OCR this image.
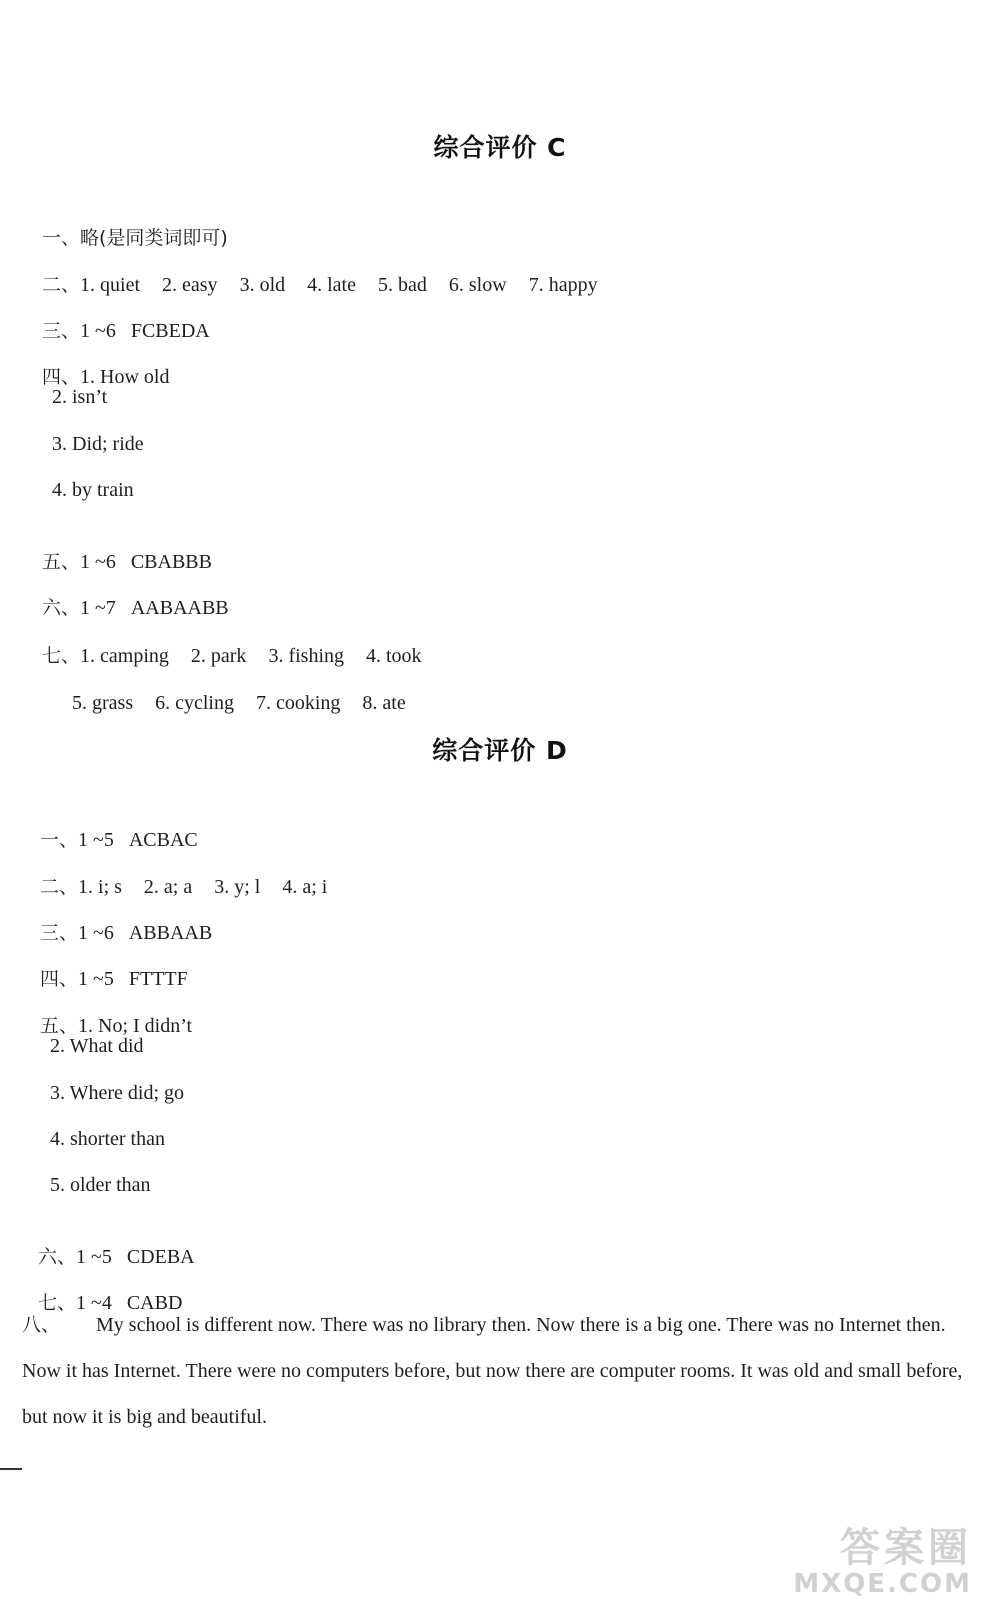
综合评价 C

一、略(是同类词即可)

二、1. quiet 2. easy 3. old 4. late 5. bad 6. slow 7. happy

三、1 ~6   FCBEDA

四、1. How old

2. isn’t
3. Did; ride
4. by train

五、1 ~6   CBABBB

六、1 ~7   AABAABB

七、1. camping 2. park 3. fishing 4. took

5. grass 6. cycling 7. cooking 8. ate

综合评价 D

一、1 ~5   ACBAC

二、1. i; s 2. a; a 3. y; l 4. a; i

三、1 ~6   ABBAAB

四、1 ~5   FTTTF

五、1. No; I didn’t

2. What did
3. Where did; go
4. shorter than
5. older than

六、1 ~5   CDEBA

七、1 ~4   CABD

八、 My school is different now. There was no library then. Now there is a big one. There was no Internet then. Now it has Internet. There were no computers before, but now there are computer rooms. It was old and small before, but now it is big and beautiful.
答案圈
MXQE.COM
